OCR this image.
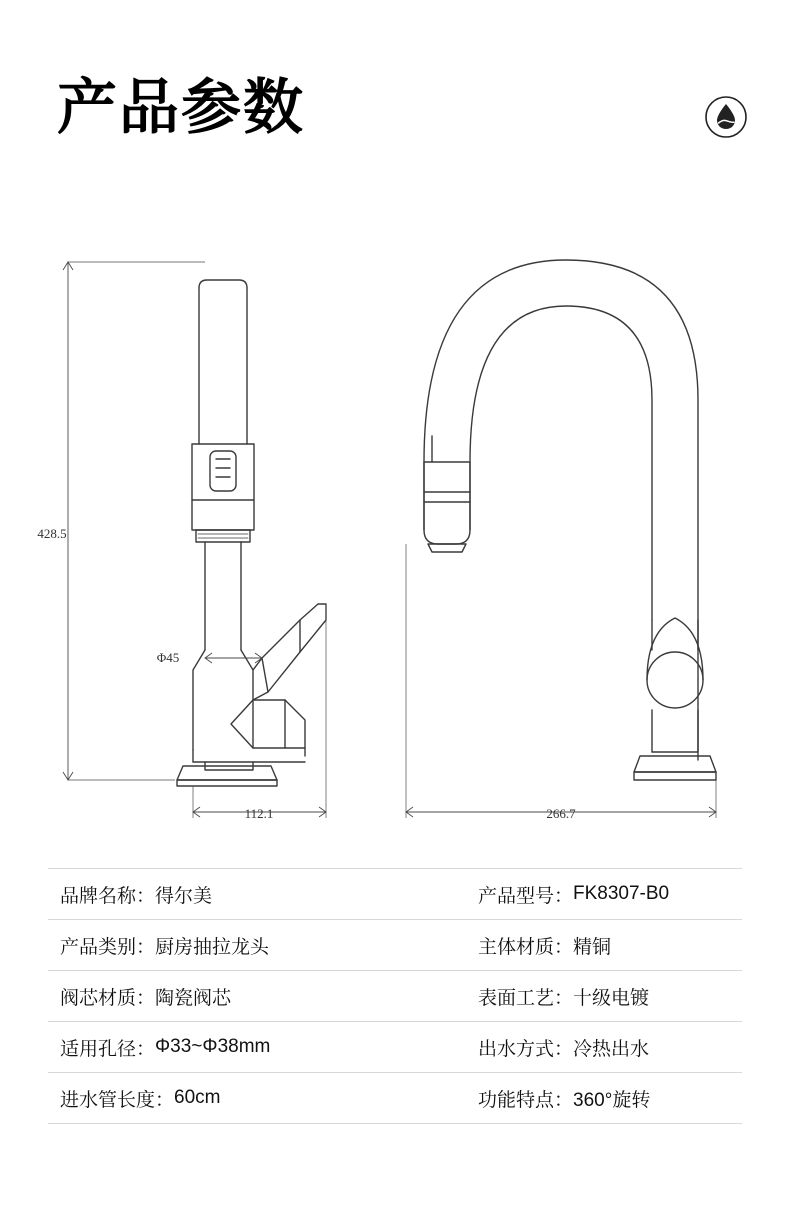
产品参数
428.5
Φ45
112.1	266.7
品牌名称： 得尔美	产品型号： FK8307-B0
产品类别： 厨房抽拉龙头	主体材质： 精铜
阀芯材质： 陶瓷阀芯	表面工艺： 十级电镀
适用孔径： Φ33~Φ38mm	出水方式： 冷热出水
进水管长度： 60cm	功能特点： 360°旋转
